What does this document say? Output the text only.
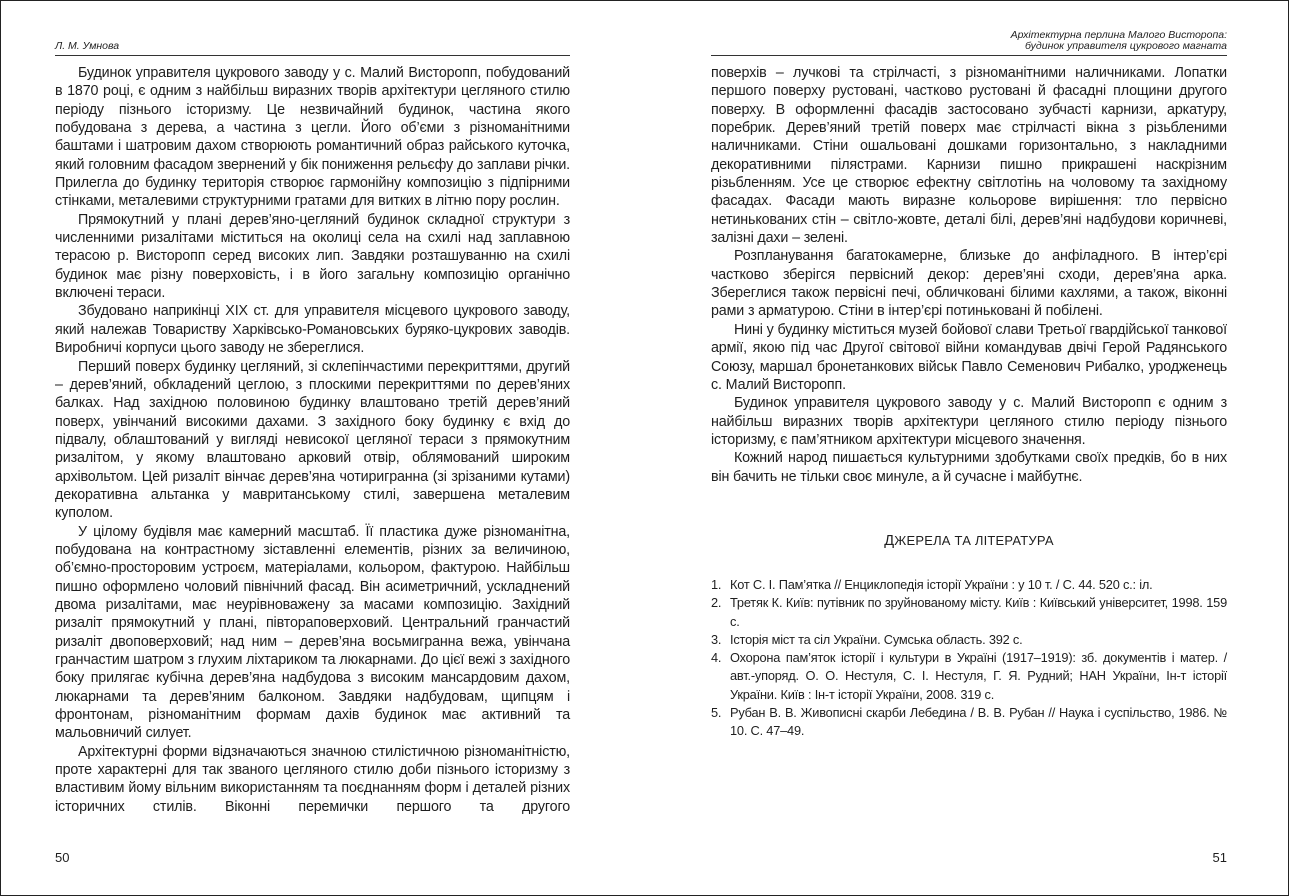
Л. М. Умнова

Будинок управителя цукрового заводу у с. Малий Висторопп, побудований в 1870 році, є одним з найбільш виразних творів архітектури цегляного стилю періоду пізнього історизму. Це незвичайний будинок, частина якого побудована з дерева, а частина з цегли. Його об’єми з різноманітними баштами і шатровим дахом створюють романтичний образ райського куточка, який головним фасадом звернений у бік пониження рельєфу до заплави річки. Прилегла до будинку територія створює гармонійну композицію з підпірними стінками, металевими структурними гратами для витких в літню пору рослин.

Прямокутний у плані дерев’яно-цегляний будинок складної структури з численними ризалітами міститься на околиці села на схилі над заплавною терасою р. Висторопп серед високих лип. Завдяки розташуванню на схилі будинок має різну поверховість, і в його загальну композицію органічно включені тераси.

Збудовано наприкінці XIX ст. для управителя місцевого цукрового заводу, який належав Товариству Харківсько-Романовських буряко-цукрових заводів. Виробничі корпуси цього заводу не збереглися.

Перший поверх будинку цегляний, зі склепінчастими перекриттями, другий – дерев’яний, обкладений цеглою, з плоскими перекриттями по дерев’яних балках. Над західною половиною будинку влаштовано третій дерев’яний поверх, увінчаний високими дахами. З західного боку будинку є вхід до підвалу, облаштований у вигляді невисокої цегляної тераси з прямокутним ризалітом, у якому влаштовано арковий отвір, облямований широким архівольтом. Цей ризаліт вінчає дерев’яна чотиригранна (зі зрізаними кутами) декоративна альтанка у мавританському стилі, завершена металевим куполом.

У цілому будівля має камерний масштаб. Її пластика дуже різноманітна, побудована на контрастному зіставленні елементів, різних за величиною, об’ємно-просторовим устроєм, матеріалами, кольором, фактурою. Найбільш пишно оформлено чоловий північний фасад. Він асиметричний, ускладнений двома ризалітами, має неурівноважену за масами композицію. Західний ризаліт прямокутний у плані, півтораповерховий. Центральний гранчастий ризаліт двоповерховий; над ним – дерев’яна восьмигранна вежа, увінчана гранчастим шатром з глухим ліхтариком та люкарнами. До цієї вежі з західного боку прилягає кубічна дерев’яна надбудова з високим мансардовим дахом, люкарнами та дерев’яним балконом. Завдяки надбудовам, щипцям і фронтонам, різноманітним формам дахів будинок має активний та мальовничий силует.

Архітектурні форми відзначаються значною стилістичною різноманітністю, проте характерні для так званого цегляного стилю доби пізнього історизму з властивим йому вільним використанням та поєднанням форм і деталей різних історичних стилів. Віконні перемички першого та другого

50
Архітектурна перлина Малого Висторопа:
будинок управителя цукрового магната

поверхів – лучкові та стрілчасті, з різноманітними наличниками. Лопатки першого поверху рустовані, частково рустовані й фасадні площини другого поверху. В оформленні фасадів застосовано зубчасті карнизи, аркатуру, поребрик. Дерев’яний третій поверх має стрілчасті вікна з різьбленими наличниками. Стіни ошальовані дошками горизонтально, з накладними декоративними пілястрами. Карнизи пишно прикрашені наскрізним різьбленням. Усе це створює ефектну світлотінь на чоловому та західному фасадах. Фасади мають виразне кольорове вирішення: тло первісно нетинькованих стін – світло-жовте, деталі білі, дерев’яні надбудови коричневі, залізні дахи – зелені.

Розпланування багатокамерне, близьке до анфіладного. В інтер’єрі частково зберігся первісний декор: дерев’яні сходи, дерев’яна арка. Збереглися також первісні печі, обличковані білими кахлями, а також, віконні рами з арматурою. Стіни в інтер’єрі потиньковані й побілені.

Нині у будинку міститься музей бойової слави Третьої гвардійської танкової армії, якою під час Другої світової війни командував двічі Герой Радянського Союзу, маршал бронетанкових військ Павло Семенович Рибалко, уродженець с. Малий Висторопп.

Будинок управителя цукрового заводу у с. Малий Висторопп є одним з найбільш виразних творів архітектури цегляного стилю періоду пізнього історизму, є пам’ятником архітектури місцевого значення.

Кожний народ пишається культурними здобутками своїх предків, бо в них він бачить не тільки своє минуле, а й сучасне і майбутнє.

ДЖЕРЕЛА ТА ЛІТЕРАТУРА
1. Кот С. І. Пам’ятка // Енциклопедія історії України : у 10 т. / С. 44. 520 с.: іл.
2. Третяк К. Київ: путівник по зруйнованому місту. Київ : Київський університет, 1998. 159 с.
3. Історія міст та сіл України. Сумська область. 392 с.
4. Охорона пам’яток історії і культури в Україні (1917–1919): зб. документів і матер. / авт.-упоряд. О. О. Нестуля, С. І. Нестуля, Г. Я. Рудний; НАН України, Ін-т історії України. Київ : Ін-т історії України, 2008. 319 с.
5. Рубан В. В. Живописні скарби Лебедина / В. В. Рубан // Наука і суспільство, 1986. № 10. С. 47–49.
51
